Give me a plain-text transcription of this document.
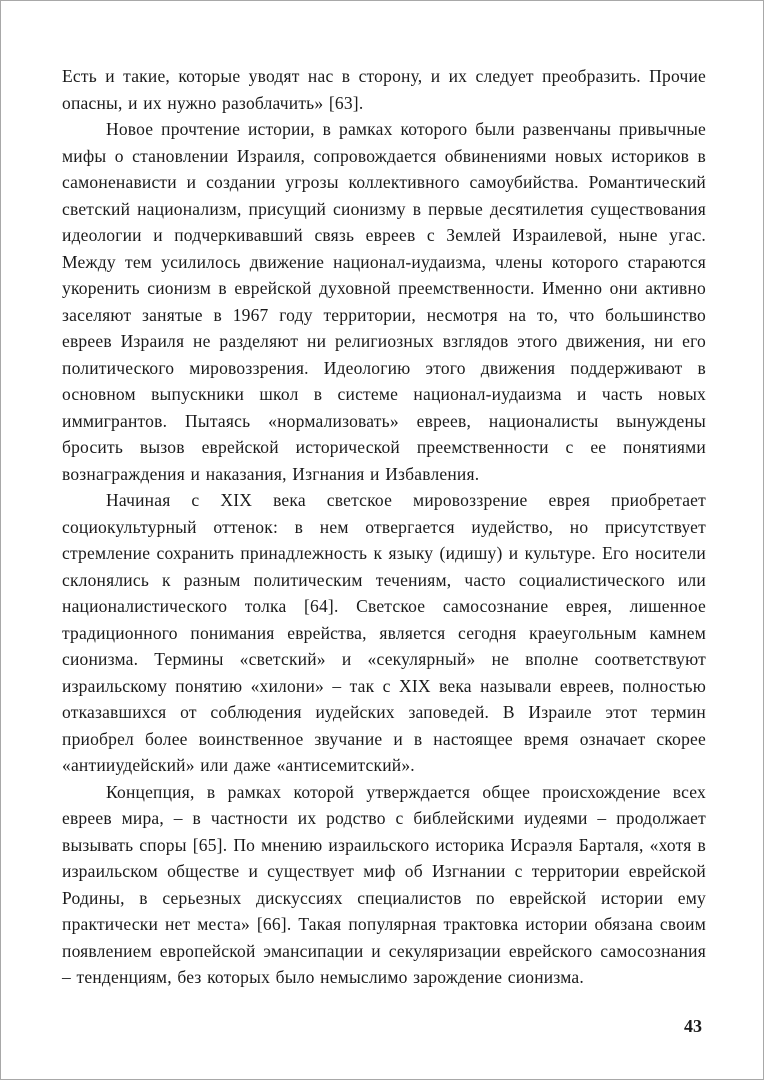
Есть и такие, которые уводят нас в сторону, и их следует преобразить. Прочие опасны, и их нужно разоблачить» [63].

Новое прочтение истории, в рамках которого были развенчаны привычные мифы о становлении Израиля, сопровождается обвинениями новых историков в самоненависти и создании угрозы коллективного самоубийства. Романтический светский национализм, присущий сионизму в первые десятилетия существования идеологии и подчеркивавший связь евреев с Землей Израилевой, ныне угас. Между тем усилилось движение национал-иудаизма, члены которого стараются укоренить сионизм в еврейской духовной преемственности. Именно они активно заселяют занятые в 1967 году территории, несмотря на то, что большинство евреев Израиля не разделяют ни религиозных взглядов этого движения, ни его политического мировоззрения. Идеологию этого движения поддерживают в основном выпускники школ в системе национал-иудаизма и часть новых иммигрантов. Пытаясь «нормализовать» евреев, националисты вынуждены бросить вызов еврейской исторической преемственности с ее понятиями вознаграждения и наказания, Изгнания и Избавления.

Начиная с XIX века светское мировоззрение еврея приобретает социокультурный оттенок: в нем отвергается иудейство, но присутствует стремление сохранить принадлежность к языку (идишу) и культуре. Его носители склонялись к разным политическим течениям, часто социалистического или националистического толка [64]. Светское самосознание еврея, лишенное традиционного понимания еврейства, является сегодня краеугольным камнем сионизма. Термины «светский» и «секулярный» не вполне соответствуют израильскому понятию «хилони» – так с XIX века называли евреев, полностью отказавшихся от соблюдения иудейских заповедей. В Израиле этот термин приобрел более воинственное звучание и в настоящее время означает скорее «антииудейский» или даже «антисемитский».

Концепция, в рамках которой утверждается общее происхождение всех евреев мира, – в частности их родство с библейскими иудеями – продолжает вызывать споры [65]. По мнению израильского историка Исраэля Барталя, «хотя в израильском обществе и существует миф об Изгнании с территории еврейской Родины, в серьезных дискуссиях специалистов по еврейской истории ему практически нет места» [66]. Такая популярная трактовка истории обязана своим появлением европейской эмансипации и секуляризации еврейского самосознания – тенденциям, без которых было немыслимо зарождение сионизма.

43
